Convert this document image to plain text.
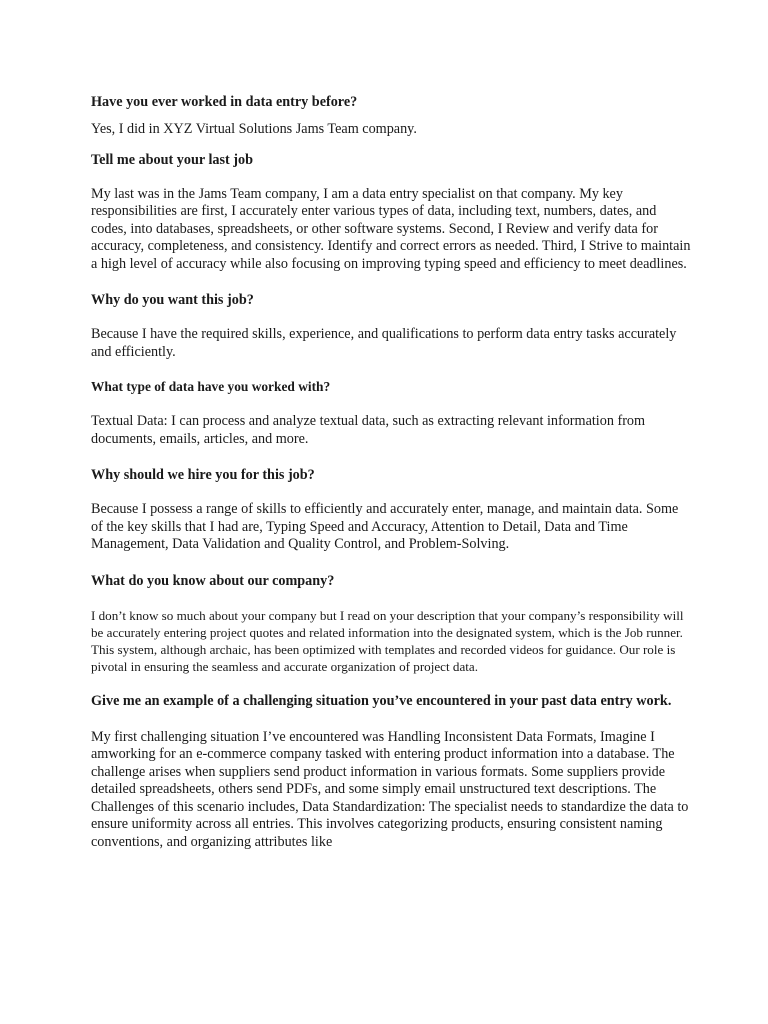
Have you ever worked in data entry before?

Yes, I did in XYZ Virtual Solutions Jams Team company.

Tell me about your last job

My last was in the Jams Team company, I am a data entry specialist on that company. My key responsibilities are first, I accurately enter various types of data, including text, numbers, dates, and codes, into databases, spreadsheets, or other software systems. Second, I Review and verify data for accuracy, completeness, and consistency. Identify and correct errors as needed. Third, I Strive to maintain a high level of accuracy while also focusing on improving typing speed and efficiency to meet deadlines.

Why do you want this job?

Because I have the required skills, experience, and qualifications to perform data entry tasks accurately and efficiently.

What type of data have you worked with?

Textual Data: I can process and analyze textual data, such as extracting relevant information from documents, emails, articles, and more.

Why should we hire you for this job?

Because I possess a range of skills to efficiently and accurately enter, manage, and maintain data. Some of the key skills that I had are, Typing Speed and Accuracy, Attention to Detail, Data and Time Management, Data Validation and Quality Control, and Problem-Solving.

What do you know about our company?

I don’t know so much about your company but I read on your description that your company’s responsibility will be accurately entering project quotes and related information into the designated system, which is the Job runner. This system, although archaic, has been optimized with templates and recorded videos for guidance. Our role is pivotal in ensuring the seamless and accurate organization of project data.

Give me an example of a challenging situation you’ve encountered in your past data entry work.

My first challenging situation I’ve encountered was Handling Inconsistent Data Formats, Imagine I amworking for an e-commerce company tasked with entering product information into a database. The challenge arises when suppliers send product information in various formats. Some suppliers provide detailed spreadsheets, others send PDFs, and some simply email unstructured text descriptions. The Challenges of this scenario includes, Data Standardization: The specialist needs to standardize the data to ensure uniformity across all entries. This involves categorizing products, ensuring consistent naming conventions, and organizing attributes like
